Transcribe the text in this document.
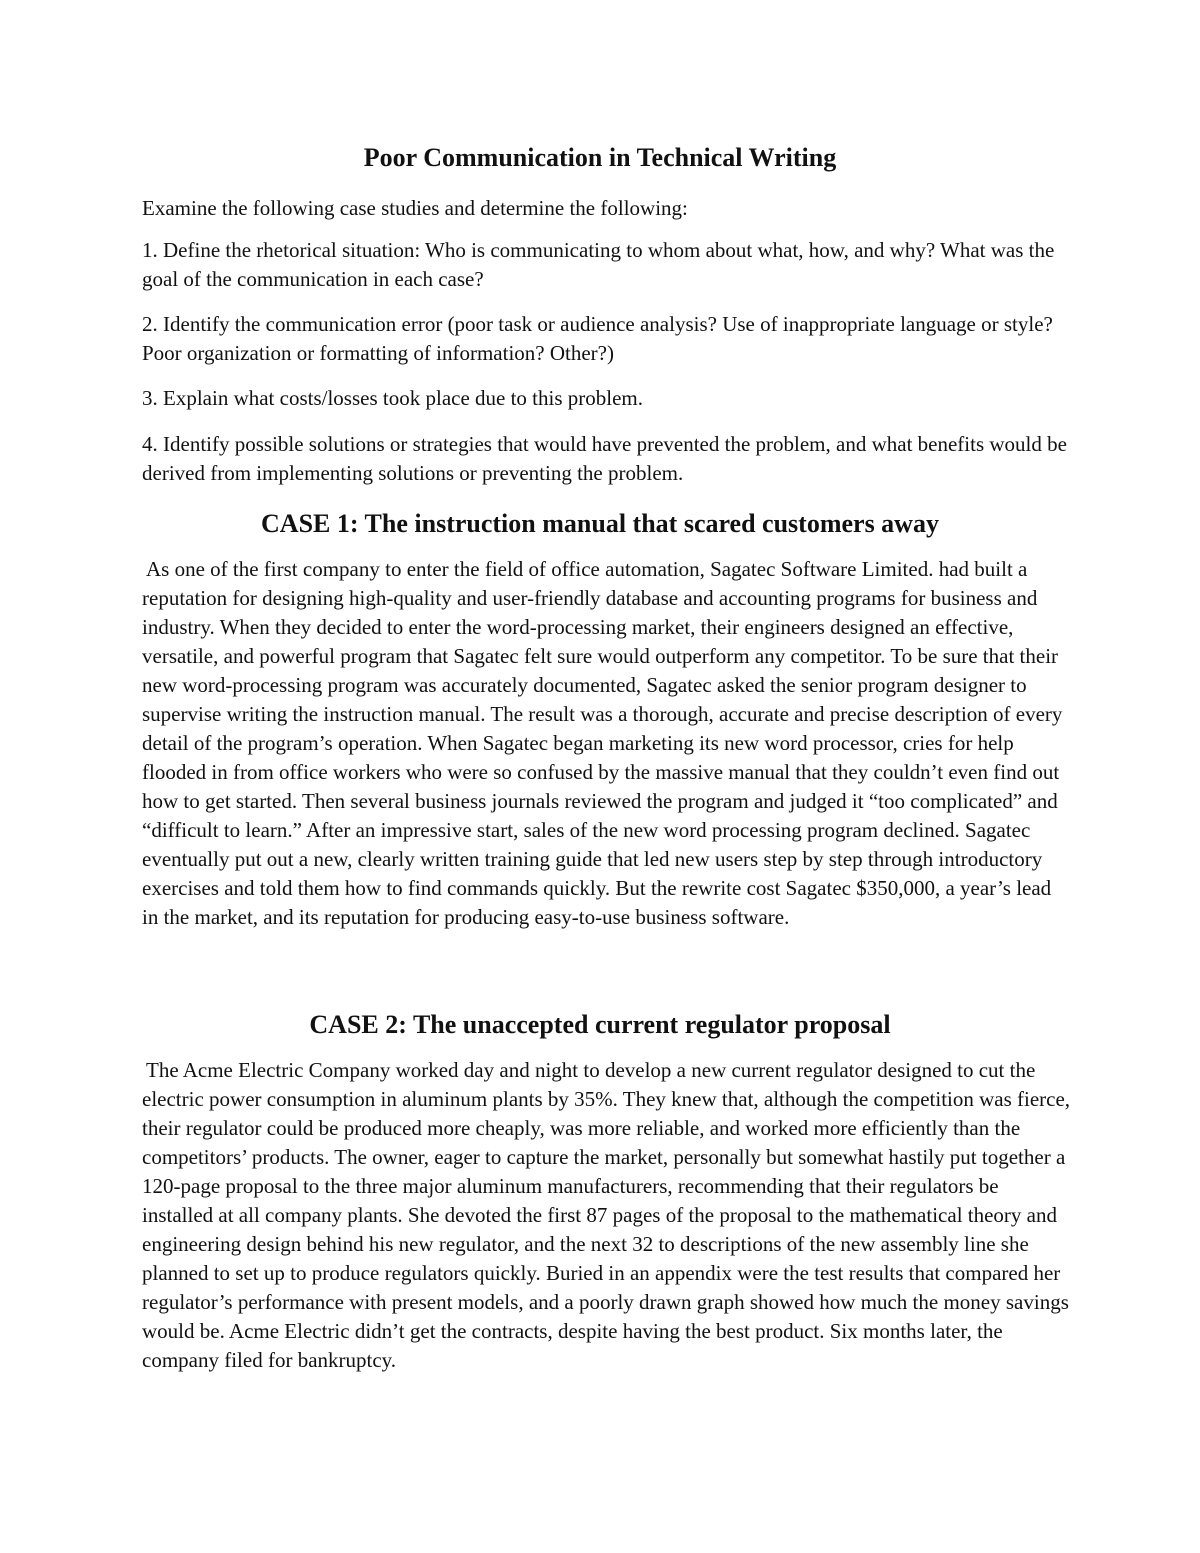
Poor Communication in Technical Writing

Examine the following case studies and determine the following:

1. Define the rhetorical situation: Who is communicating to whom about what, how, and why? What was the goal of the communication in each case?

2. Identify the communication error (poor task or audience analysis? Use of inappropriate language or style? Poor organization or formatting of information? Other?)

3. Explain what costs/losses took place due to this problem.

4. Identify possible solutions or strategies that would have prevented the problem, and what benefits would be derived from implementing solutions or preventing the problem.

CASE 1: The instruction manual that scared customers away

As one of the first company to enter the field of office automation, Sagatec Software Limited. had built a reputation for designing high-quality and user-friendly database and accounting programs for business and industry. When they decided to enter the word-processing market, their engineers designed an effective, versatile, and powerful program that Sagatec felt sure would outperform any competitor. To be sure that their new word-processing program was accurately documented, Sagatec asked the senior program designer to supervise writing the instruction manual. The result was a thorough, accurate and precise description of every detail of the program’s operation. When Sagatec began marketing its new word processor, cries for help flooded in from office workers who were so confused by the massive manual that they couldn’t even find out how to get started. Then several business journals reviewed the program and judged it “too complicated” and “difficult to learn.” After an impressive start, sales of the new word processing program declined. Sagatec eventually put out a new, clearly written training guide that led new users step by step through introductory exercises and told them how to find commands quickly. But the rewrite cost Sagatec $350,000, a year’s lead in the market, and its reputation for producing easy-to-use business software.

CASE 2: The unaccepted current regulator proposal

The Acme Electric Company worked day and night to develop a new current regulator designed to cut the electric power consumption in aluminum plants by 35%. They knew that, although the competition was fierce, their regulator could be produced more cheaply, was more reliable, and worked more efficiently than the competitors’ products. The owner, eager to capture the market, personally but somewhat hastily put together a 120-page proposal to the three major aluminum manufacturers, recommending that their regulators be installed at all company plants. She devoted the first 87 pages of the proposal to the mathematical theory and engineering design behind his new regulator, and the next 32 to descriptions of the new assembly line she planned to set up to produce regulators quickly. Buried in an appendix were the test results that compared her regulator’s performance with present models, and a poorly drawn graph showed how much the money savings would be. Acme Electric didn’t get the contracts, despite having the best product. Six months later, the company filed for bankruptcy.
